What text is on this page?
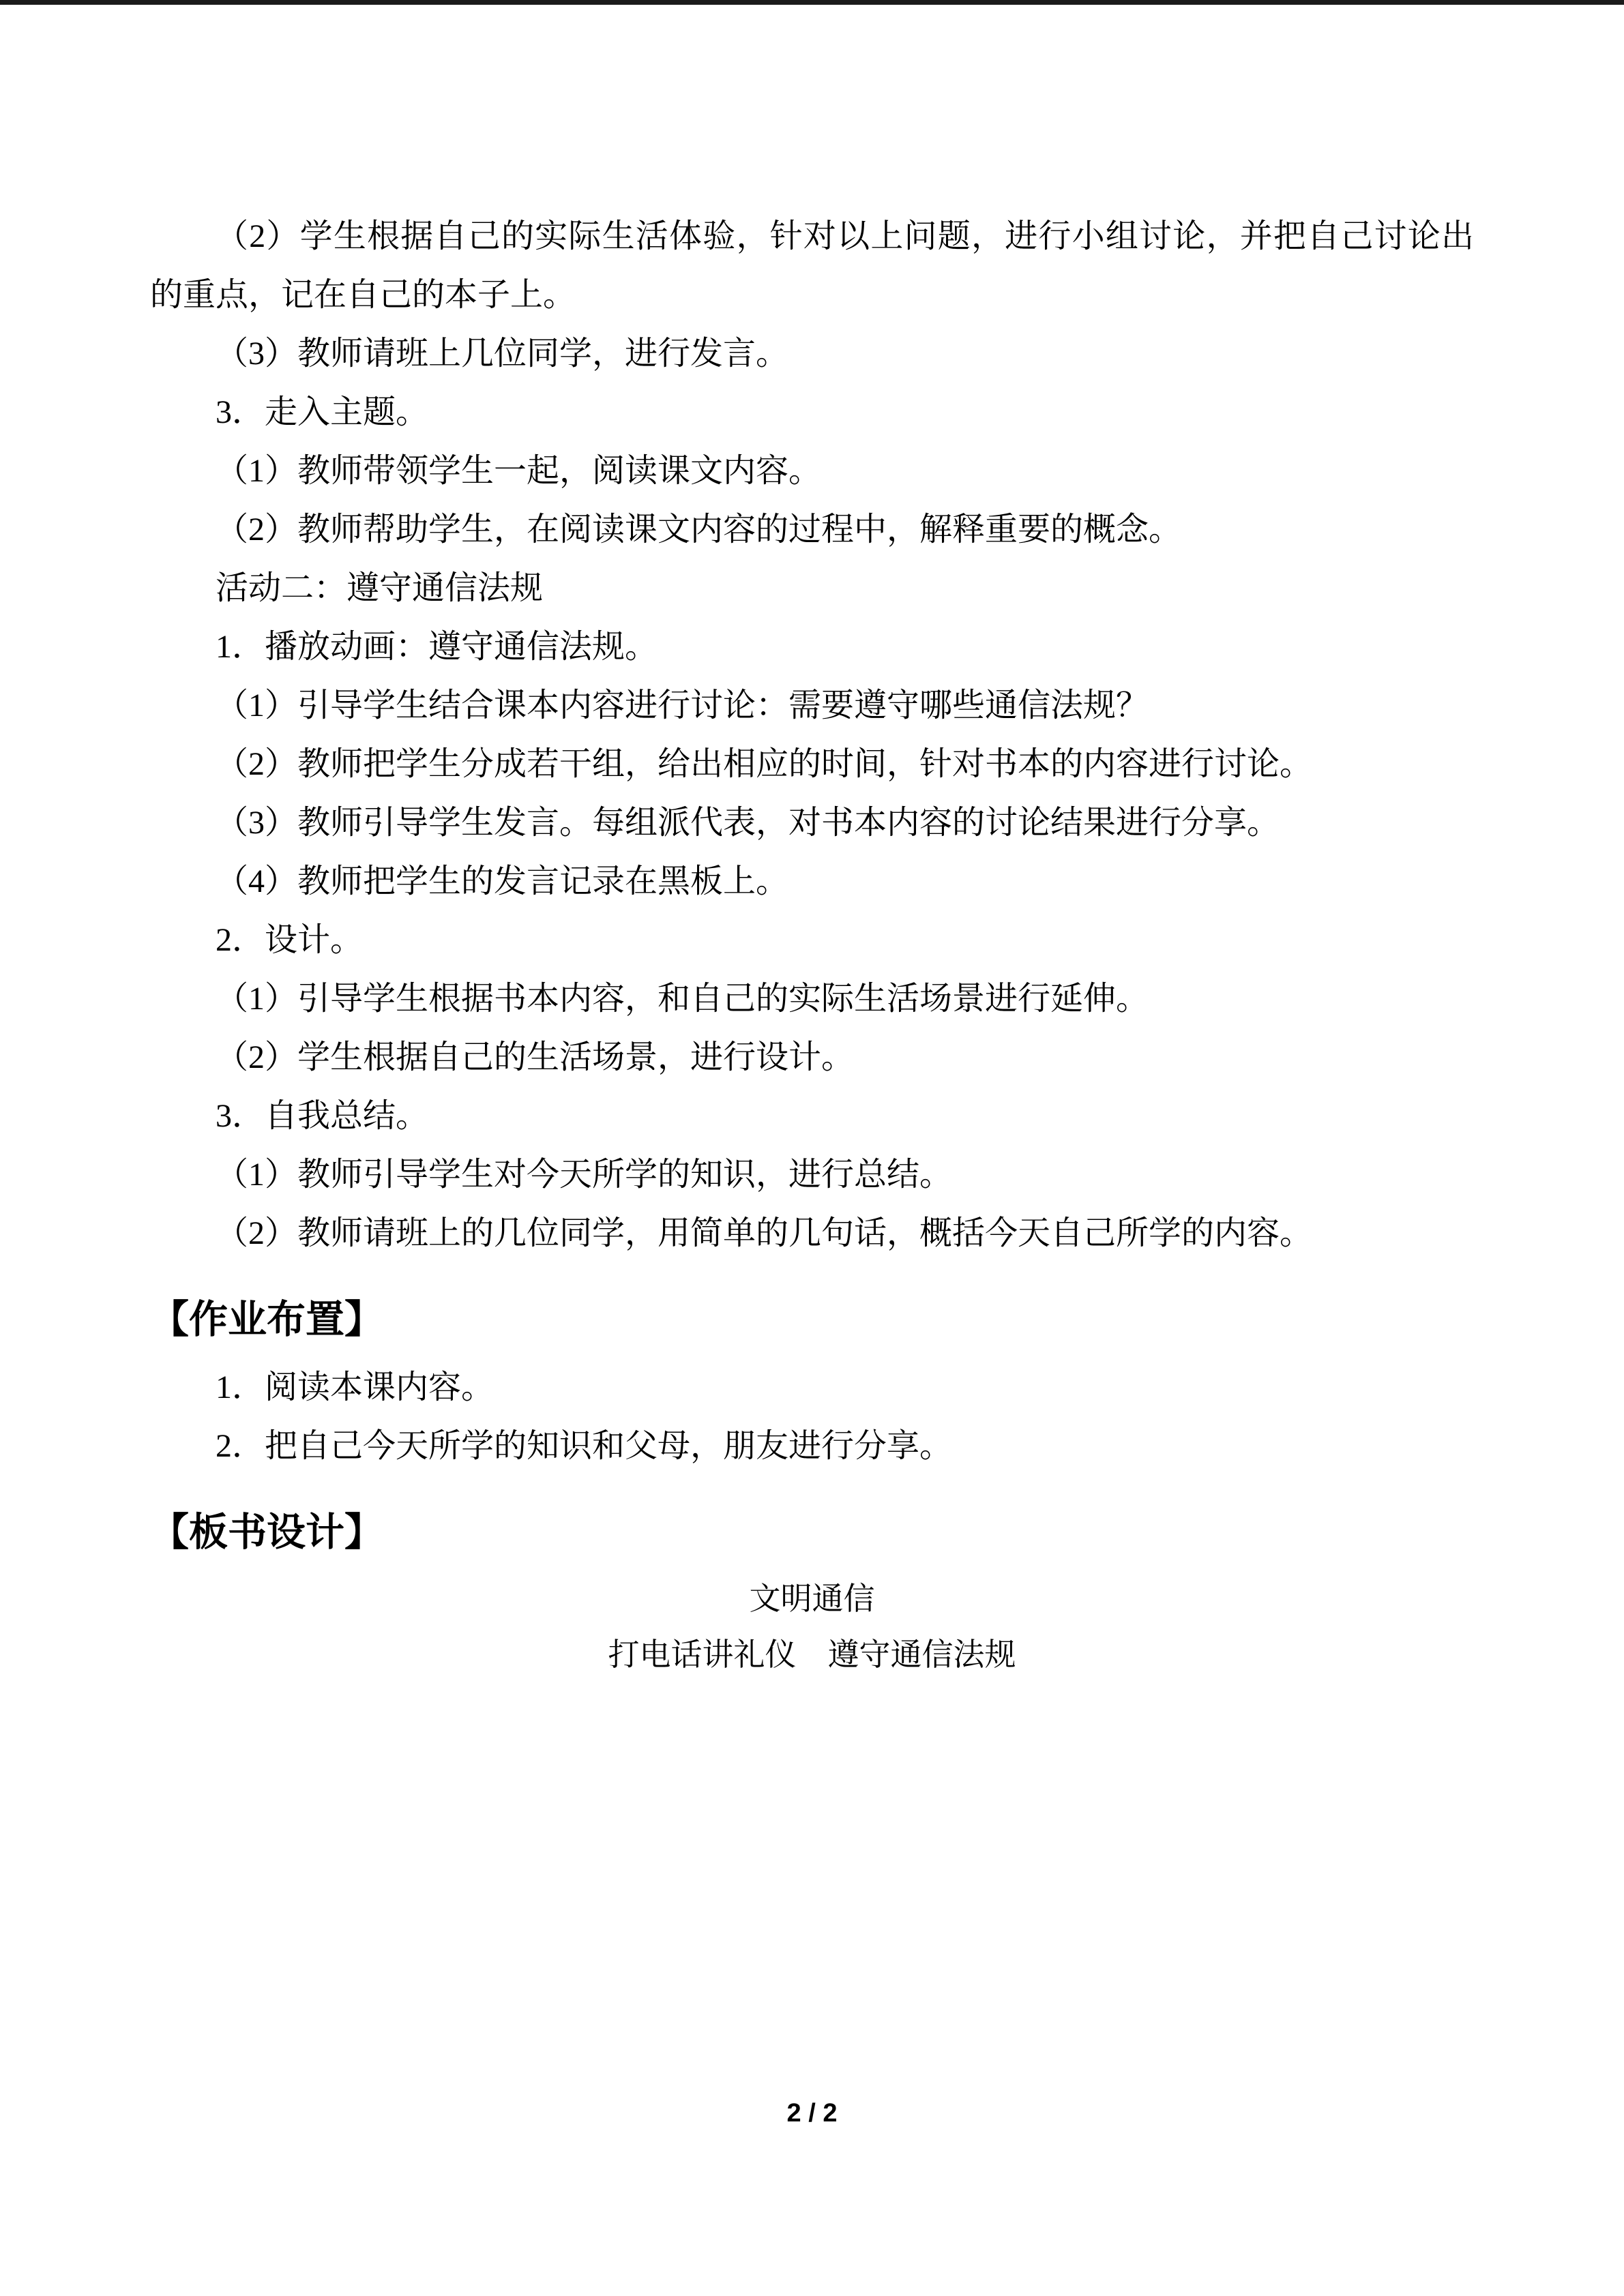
（2）学生根据自己的实际生活体验，针对以上问题，进行小组讨论，并把自己讨论出的重点，记在自己的本子上。

（3）教师请班上几位同学，进行发言。

3．走入主题。

（1）教师带领学生一起，阅读课文内容。

（2）教师帮助学生，在阅读课文内容的过程中，解释重要的概念。

活动二：遵守通信法规

1．播放动画：遵守通信法规。

（1）引导学生结合课本内容进行讨论：需要遵守哪些通信法规？

（2）教师把学生分成若干组，给出相应的时间，针对书本的内容进行讨论。

（3）教师引导学生发言。每组派代表，对书本内容的讨论结果进行分享。

（4）教师把学生的发言记录在黑板上。

2．设计。

（1）引导学生根据书本内容，和自己的实际生活场景进行延伸。

（2）学生根据自己的生活场景，进行设计。

3．自我总结。

（1）教师引导学生对今天所学的知识，进行总结。

（2）教师请班上的几位同学，用简单的几句话，概括今天自己所学的内容。

【作业布置】

1．阅读本课内容。

2．把自己今天所学的知识和父母，朋友进行分享。

【板书设计】

文明通信

打电话讲礼仪　遵守通信法规

2 / 2
